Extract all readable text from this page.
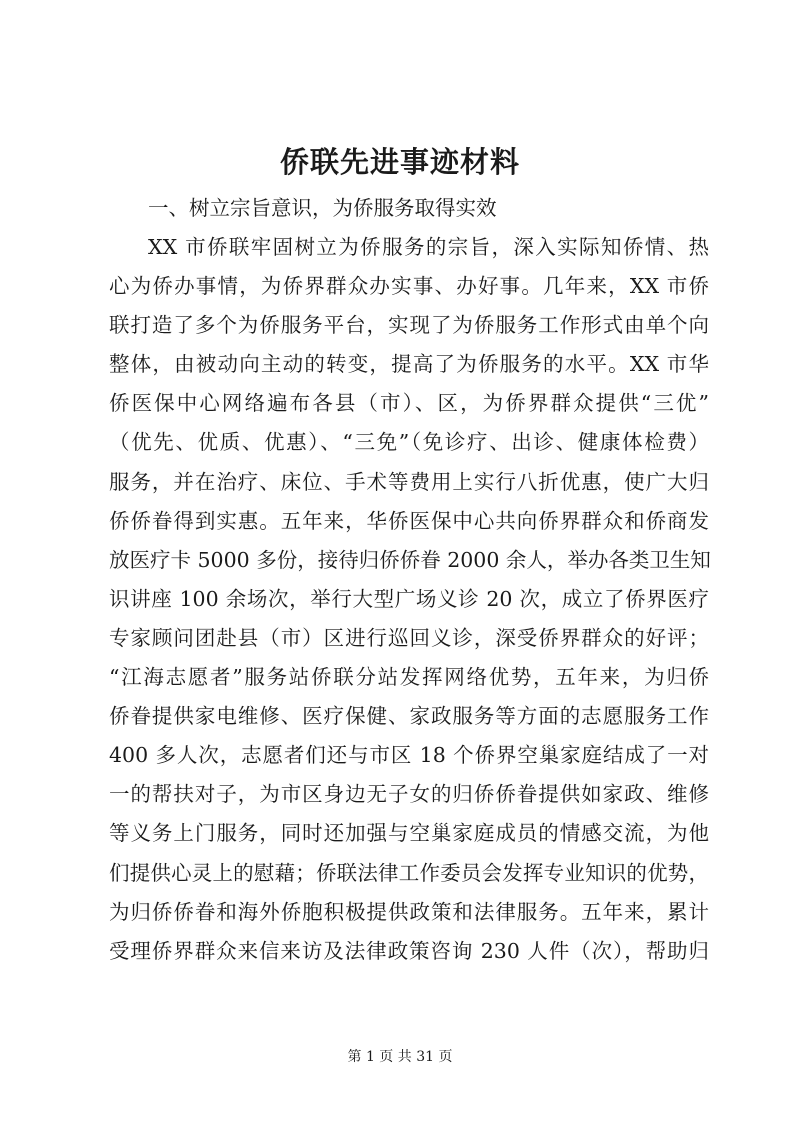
侨联先进事迹材料
一、树立宗旨意识，为侨服务取得实效
XX 市侨联牢固树立为侨服务的宗旨，深入实际知侨情、热
心为侨办事情，为侨界群众办实事、办好事。几年来，XX 市侨
联打造了多个为侨服务平台，实现了为侨服务工作形式由单个向
整体，由被动向主动的转变，提高了为侨服务的水平。XX 市华
侨医保中心网络遍布各县（市）、区，为侨界群众提供“三优”
（优先、优质、优惠）、“三免”（免诊疗、出诊、健康体检费）
服务，并在治疗、床位、手术等费用上实行八折优惠，使广大归
侨侨眷得到实惠。五年来，华侨医保中心共向侨界群众和侨商发
放医疗卡 5000 多份，接待归侨侨眷 2000 余人，举办各类卫生知
识讲座 100 余场次，举行大型广场义诊 20 次，成立了侨界医疗
专家顾问团赴县（市）区进行巡回义诊，深受侨界群众的好评；
“江海志愿者”服务站侨联分站发挥网络优势，五年来，为归侨
侨眷提供家电维修、医疗保健、家政服务等方面的志愿服务工作
400 多人次，志愿者们还与市区 18 个侨界空巢家庭结成了一对
一的帮扶对子，为市区身边无子女的归侨侨眷提供如家政、维修
等义务上门服务，同时还加强与空巢家庭成员的情感交流，为他
们提供心灵上的慰藉；侨联法律工作委员会发挥专业知识的优势，
为归侨侨眷和海外侨胞积极提供政策和法律服务。五年来，累计
受理侨界群众来信来访及法律政策咨询 230 人件（次），帮助归
第 1 页 共 31 页
